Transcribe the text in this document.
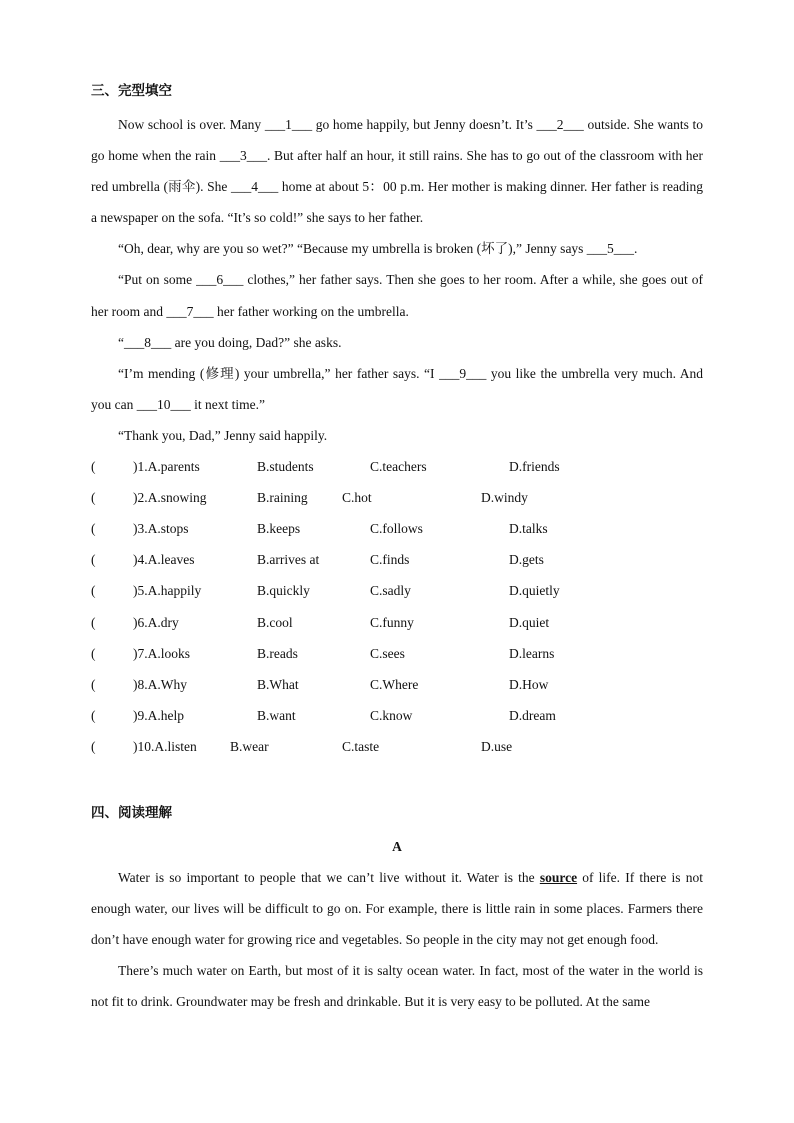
三、完型填空

Now school is over. Many ___1___ go home happily, but Jenny doesn’t. It’s ___2___ outside. She wants to go home when the rain ___3___. But after half an hour, it still rains. She has to go out of the classroom with her red umbrella (雨伞). She ___4___ home at about 5：00 p.m. Her mother is making dinner. Her father is reading a newspaper on the sofa. “It’s so cold!” she says to her father.

“Oh, dear, why are you so wet?” “Because my umbrella is broken (坏了),” Jenny says ___5___.

“Put on some ___6___ clothes,” her father says. Then she goes to her room. After a while, she goes out of her room and ___7___ her father working on the umbrella.

“___8___ are you doing, Dad?” she asks.

“I’m mending (修理) your umbrella,” her father says. “I ___9___ you like the umbrella very much. And you can ___10___ it next time.”

“Thank you, Dad,” Jenny said happily.

(	)1.A.parents	B.students	C.teachers	D.friends
(	)2.A.snowing	B.raining	C.hot	D.windy
(	)3.A.stops	B.keeps	C.follows	D.talks
(	)4.A.leaves	B.arrives at	C.finds	D.gets
(	)5.A.happily	B.quickly	C.sadly	D.quietly
(	)6.A.dry	B.cool	C.funny	D.quiet
(	)7.A.looks	B.reads	C.sees	D.learns
(	)8.A.Why	B.What	C.Where	D.How
(	)9.A.help	B.want	C.know	D.dream
(	)10.A.listen B.wear	C.taste	D.use
四、阅读理解
A

Water is so important to people that we can’t live without it. Water is the source of life. If there is not enough water, our lives will be difficult to go on. For example, there is little rain in some places. Farmers there don’t have enough water for growing rice and vegetables. So people in the city may not get enough food.

There’s much water on Earth, but most of it is salty ocean water. In fact, most of the water in the world is not fit to drink. Groundwater may be fresh and drinkable. But it is very easy to be polluted. At the same
